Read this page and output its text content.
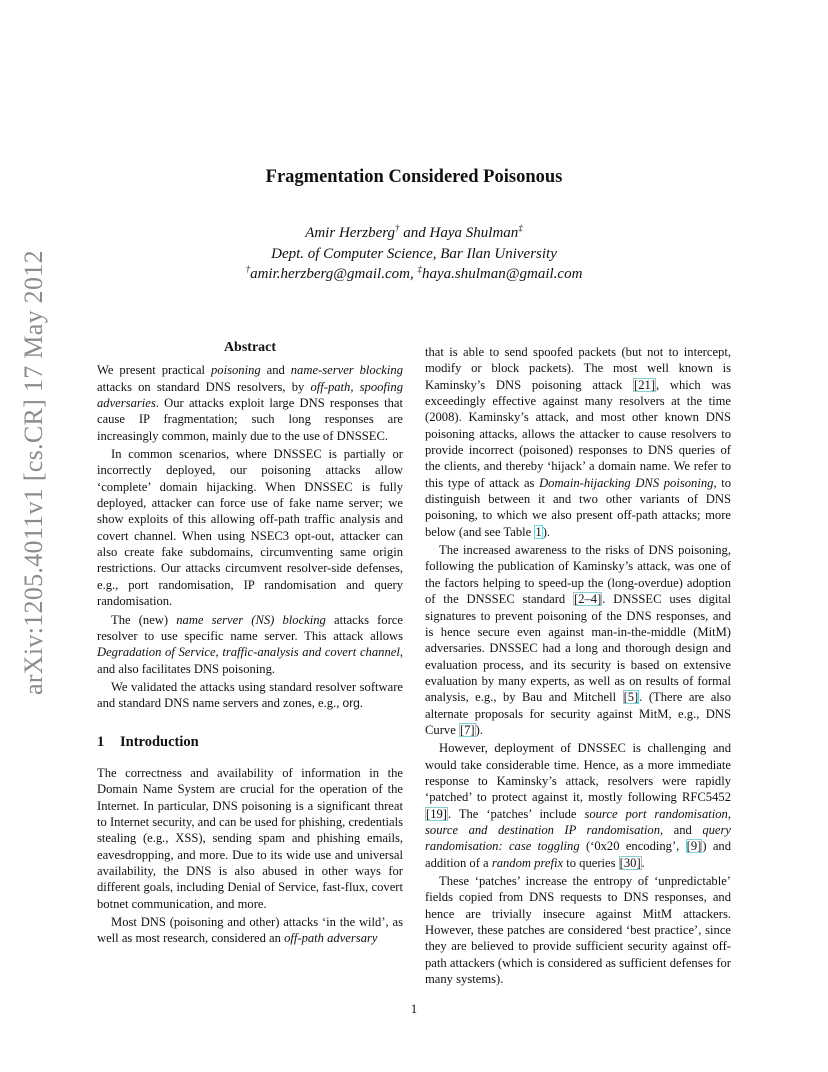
arXiv:1205.4011v1 [cs.CR] 17 May 2012
Fragmentation Considered Poisonous
Amir Herzberg† and Haya Shulman‡
Dept. of Computer Science, Bar Ilan University
†amir.herzberg@gmail.com, ‡haya.shulman@gmail.com
Abstract

We present practical poisoning and name-server blocking attacks on standard DNS resolvers, by off-path, spoofing adversaries. Our attacks exploit large DNS responses that cause IP fragmentation; such long responses are increasingly common, mainly due to the use of DNSSEC.

In common scenarios, where DNSSEC is partially or incorrectly deployed, our poisoning attacks allow ‘complete’ domain hijacking. When DNSSEC is fully deployed, attacker can force use of fake name server; we show exploits of this allowing off-path traffic analysis and covert channel. When using NSEC3 opt-out, attacker can also create fake subdomains, circumventing same origin restrictions. Our attacks circumvent resolver-side defenses, e.g., port randomisation, IP randomisation and query randomisation.

The (new) name server (NS) blocking attacks force resolver to use specific name server. This attack allows Degradation of Service, traffic-analysis and covert channel, and also facilitates DNS poisoning.

We validated the attacks using standard resolver software and standard DNS name servers and zones, e.g., org.

1 Introduction

The correctness and availability of information in the Domain Name System are crucial for the operation of the Internet. In particular, DNS poisoning is a significant threat to Internet security, and can be used for phishing, credentials stealing (e.g., XSS), sending spam and phishing emails, eavesdropping, and more. Due to its wide use and universal availability, the DNS is also abused in other ways for different goals, including Denial of Service, fast-flux, covert botnet communication, and more.

Most DNS (poisoning and other) attacks ‘in the wild’, as well as most research, considered an off-path adversary

that is able to send spoofed packets (but not to intercept, modify or block packets). The most well known is Kaminsky’s DNS poisoning attack [21], which was exceedingly effective against many resolvers at the time (2008). Kaminsky’s attack, and most other known DNS poisoning attacks, allows the attacker to cause resolvers to provide incorrect (poisoned) responses to DNS queries of the clients, and thereby ‘hijack’ a domain name. We refer to this type of attack as Domain-hijacking DNS poisoning, to distinguish between it and two other variants of DNS poisoning, to which we also present off-path attacks; more below (and see Table 1).

The increased awareness to the risks of DNS poisoning, following the publication of Kaminsky’s attack, was one of the factors helping to speed-up the (long-overdue) adoption of the DNSSEC standard [2–4]. DNSSEC uses digital signatures to prevent poisoning of the DNS responses, and is hence secure even against man-in-the-middle (MitM) adversaries. DNSSEC had a long and thorough design and evaluation process, and its security is based on extensive evaluation by many experts, as well as on results of formal analysis, e.g., by Bau and Mitchell [5]. (There are also alternate proposals for security against MitM, e.g., DNS Curve [7]).

However, deployment of DNSSEC is challenging and would take considerable time. Hence, as a more immediate response to Kaminsky’s attack, resolvers were rapidly ‘patched’ to protect against it, mostly following RFC5452 [19]. The ‘patches’ include source port randomisation, source and destination IP randomisation, and query randomisation: case toggling (‘0x20 encoding’, [9]) and addition of a random prefix to queries [30].

These ‘patches’ increase the entropy of ‘unpredictable’ fields copied from DNS requests to DNS responses, and hence are trivially insecure against MitM attackers. However, these patches are considered ‘best practice’, since they are believed to provide sufficient security against off-path attackers (which is considered as sufficient defenses for many systems).

1
